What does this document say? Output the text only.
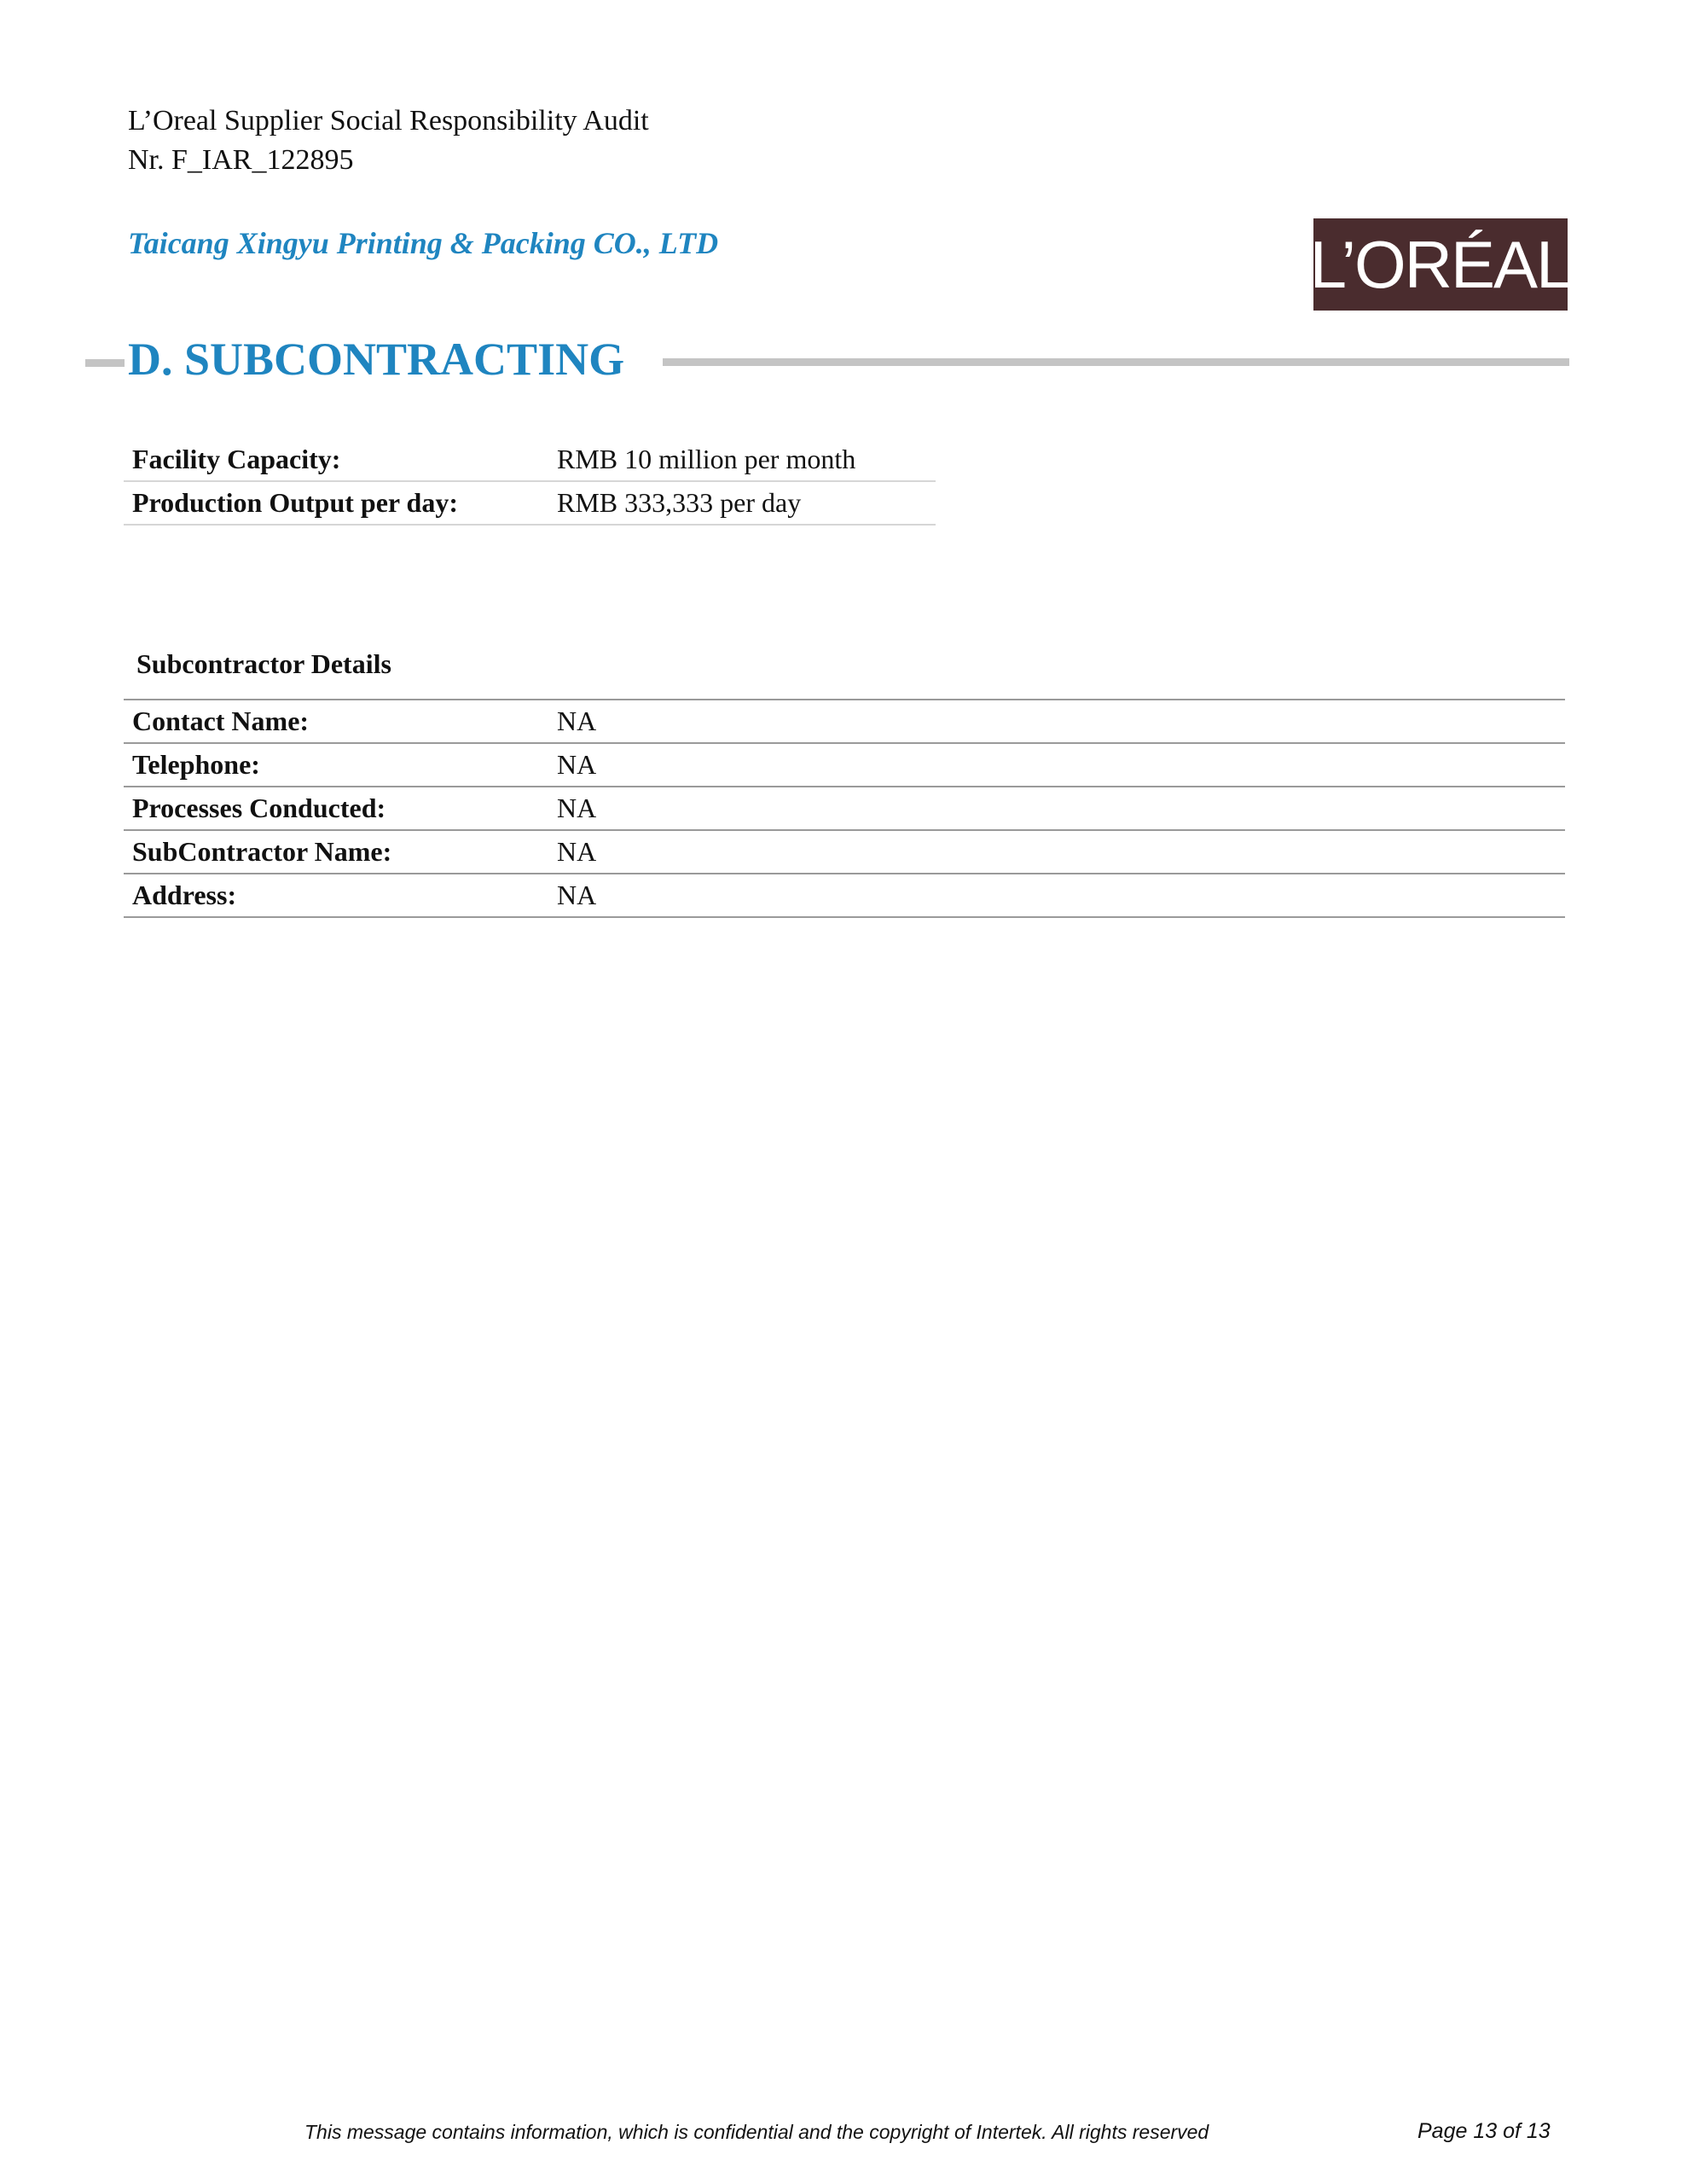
L’Oreal Supplier Social Responsibility Audit
Nr. F_IAR_122895
Taicang Xingyu Printing & Packing CO., LTD	L’ORÉAL
D. SUBCONTRACTING
Facility Capacity:	RMB 10 million per month
Production Output per day:	RMB 333,333 per day
Subcontractor Details
Contact Name:	NA
Telephone:	NA
Processes Conducted:	NA
SubContractor Name:	NA
Address:	NA
This message contains information, which is confidential and the copyright of Intertek. All rights reserved	Page 13 of 13
